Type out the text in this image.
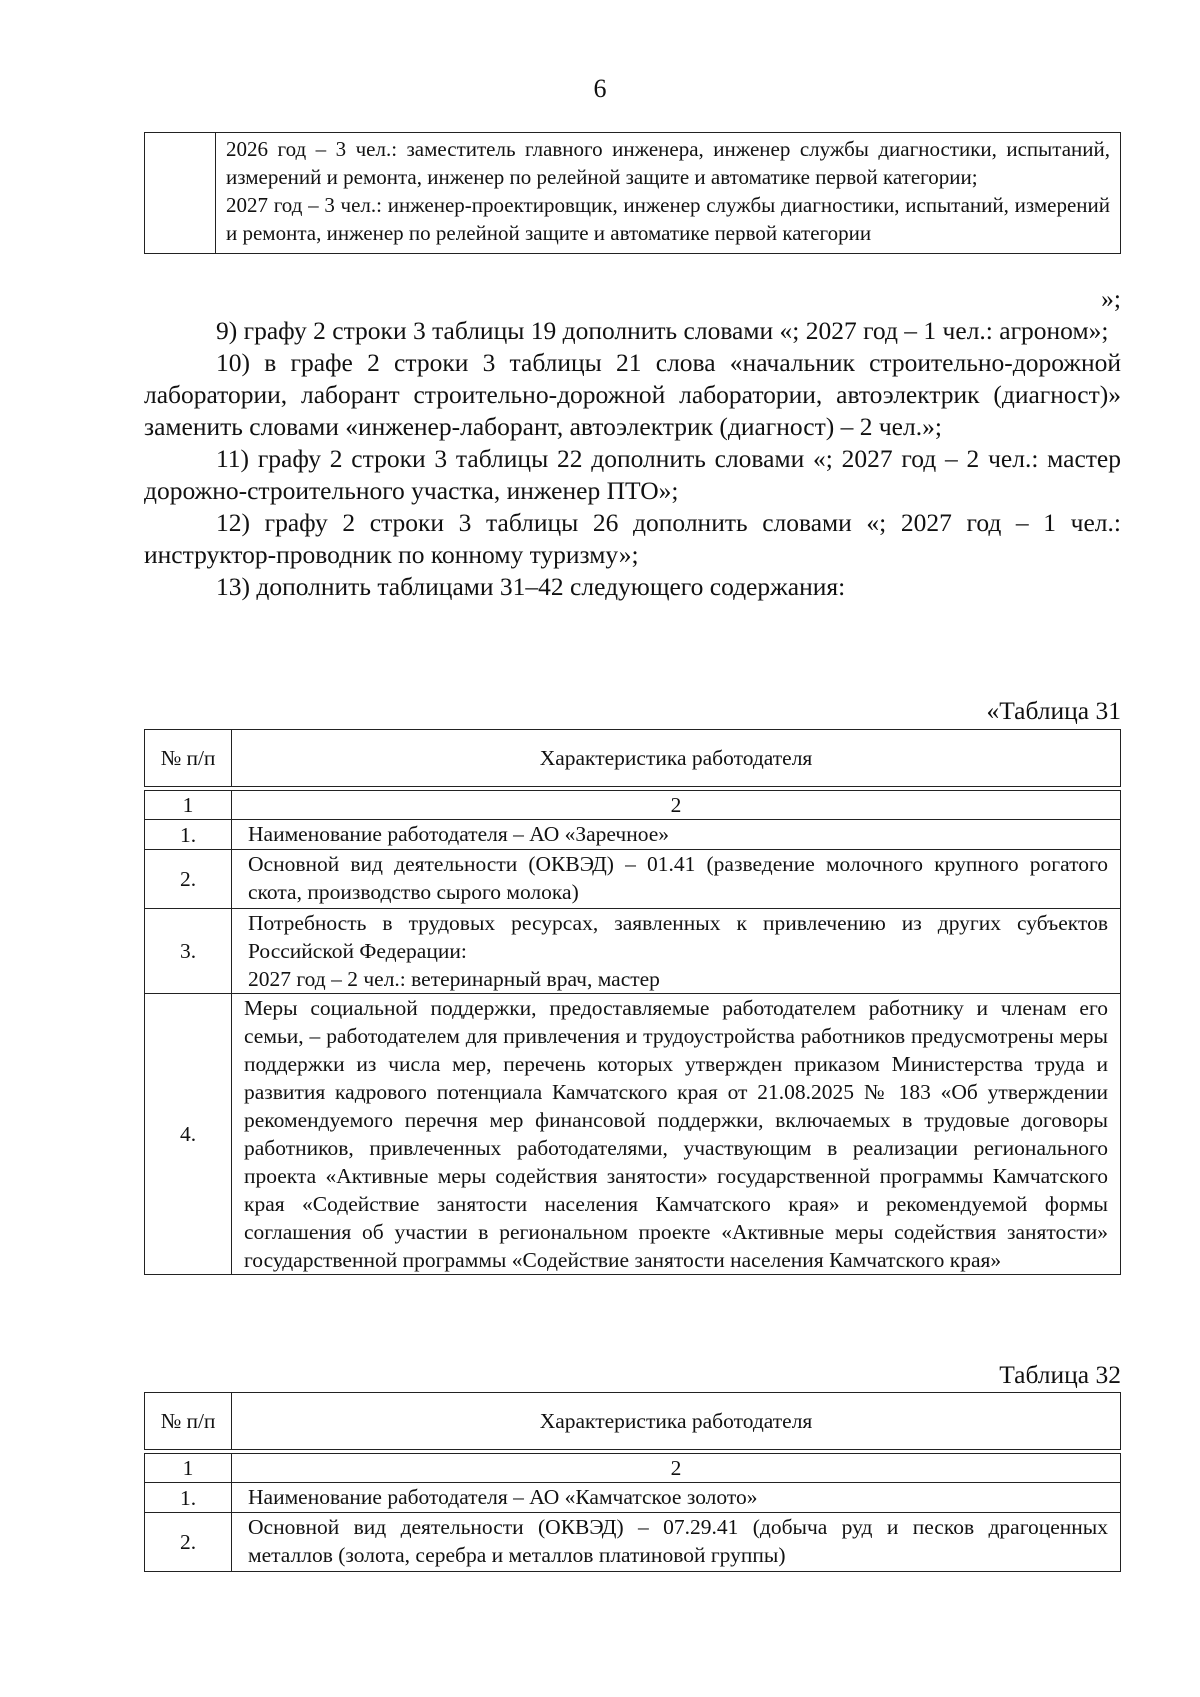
6
	2026 год – 3 чел.: заместитель главного инженера, инженер службы диагностики, испытаний, измерений и ремонта, инженер по релейной защите и автоматике первой категории;
2027 год – 3 чел.: инженер-проектировщик, инженер службы диагностики, испытаний, измерений и ремонта, инженер по релейной защите и автоматике первой категории
»;

9) графу 2 строки 3 таблицы 19 дополнить словами «; 2027 год – 1 чел.: агроном»;

10) в графе 2 строки 3 таблицы 21 слова «начальник строительно-дорожной лаборатории, лаборант строительно-дорожной лаборатории, автоэлектрик (диагност)» заменить словами «инженер-лаборант, автоэлектрик (диагност) – 2 чел.»;

11) графу 2 строки 3 таблицы 22 дополнить словами «; 2027 год – 2 чел.: мастер дорожно-строительного участка, инженер ПТО»;

12) графу 2 строки 3 таблицы 26 дополнить словами «; 2027 год – 1 чел.: инструктор-проводник по конному туризму»;

13) дополнить таблицами 31–42 следующего содержания:

«Таблица 31
№ п/п	Характеристика работодателя

1	2
1.	Наименование работодателя – АО «Заречное»
2.	Основной вид деятельности (ОКВЭД) – 01.41 (разведение молочного крупного рогатого скота, производство сырого молока)
3.	Потребность в трудовых ресурсах, заявленных к привлечению из других субъектов Российской Федерации:
2027 год – 2 чел.: ветеринарный врач, мастер
4.	Меры социальной поддержки, предоставляемые работодателем работнику и членам его семьи, – работодателем для привлечения и трудоустройства работников предусмотрены меры поддержки из числа мер, перечень которых утвержден приказом Министерства труда и развития кадрового потенциала Камчатского края от 21.08.2025 № 183 «Об утверждении рекомендуемого перечня мер финансовой поддержки, включаемых в трудовые договоры работников, привлеченных работодателями, участвующим в реализации регионального проекта «Активные меры содействия занятости» государственной программы Камчатского края «Содействие занятости населения Камчатского края» и рекомендуемой формы соглашения об участии в региональном проекте «Активные меры содействия занятости» государственной программы «Содействие занятости населения Камчатского края»
Таблица 32
№ п/п	Характеристика работодателя

1	2
1.	Наименование работодателя – АО «Камчатское золото»
2.	Основной вид деятельности (ОКВЭД) – 07.29.41 (добыча руд и песков драгоценных металлов (золота, серебра и металлов платиновой группы)
